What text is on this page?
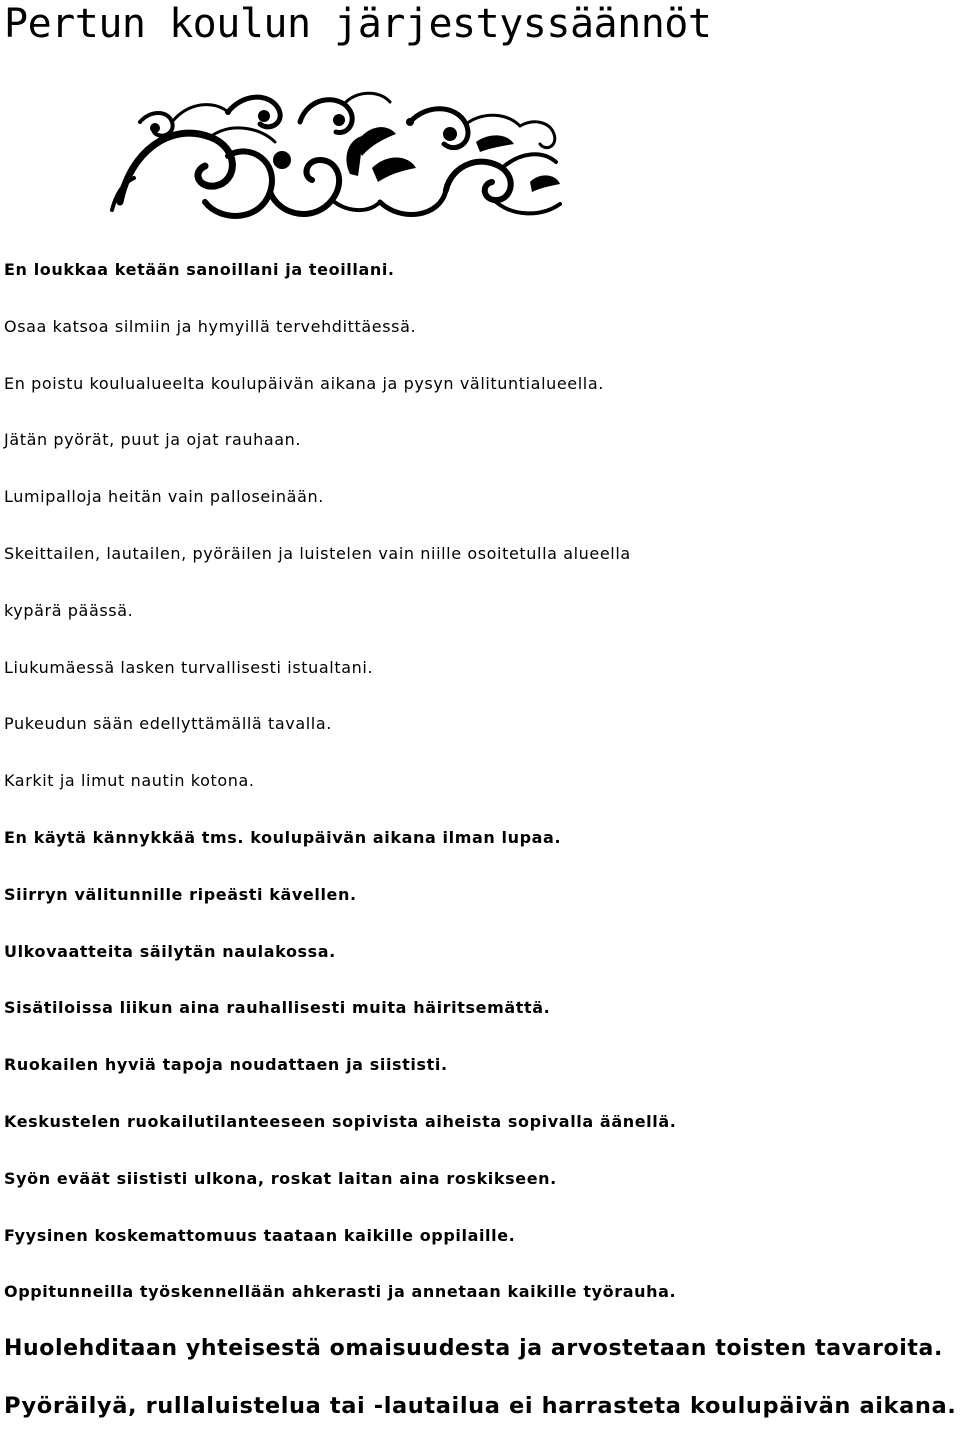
Pertun koulun järjestyssäännöt
En loukkaa ketään sanoillani ja teoillani.
Osaa katsoa silmiin ja hymyillä tervehdittäessä.
En poistu koulualueelta koulupäivän aikana ja pysyn välituntialueella.
Jätän pyörät, puut ja ojat rauhaan.
Lumipalloja heitän vain palloseinään.
Skeittailen, lautailen, pyöräilen ja luistelen vain niille osoitetulla alueella
kypärä päässä.
Liukumäessä lasken turvallisesti istualtani.
Pukeudun sään edellyttämällä tavalla.
Karkit ja limut nautin kotona.
En käytä kännykkää tms. koulupäivän aikana ilman lupaa.
Siirryn välitunnille ripeästi kävellen.
Ulkovaatteita säilytän naulakossa.
Sisätiloissa liikun aina rauhallisesti muita häiritsemättä.
Ruokailen hyviä tapoja noudattaen ja siististi.
Keskustelen ruokailutilanteeseen sopivista aiheista sopivalla äänellä.
Syön eväät siististi ulkona, roskat laitan aina roskikseen.
Fyysinen koskemattomuus taataan kaikille oppilaille.
Oppitunneilla työskennellään ahkerasti ja annetaan kaikille työrauha.
Huolehditaan yhteisestä omaisuudesta ja arvostetaan toisten tavaroita.
Pyöräilyä, rullaluistelua tai -lautailua ei harrasteta koulupäivän aikana.
